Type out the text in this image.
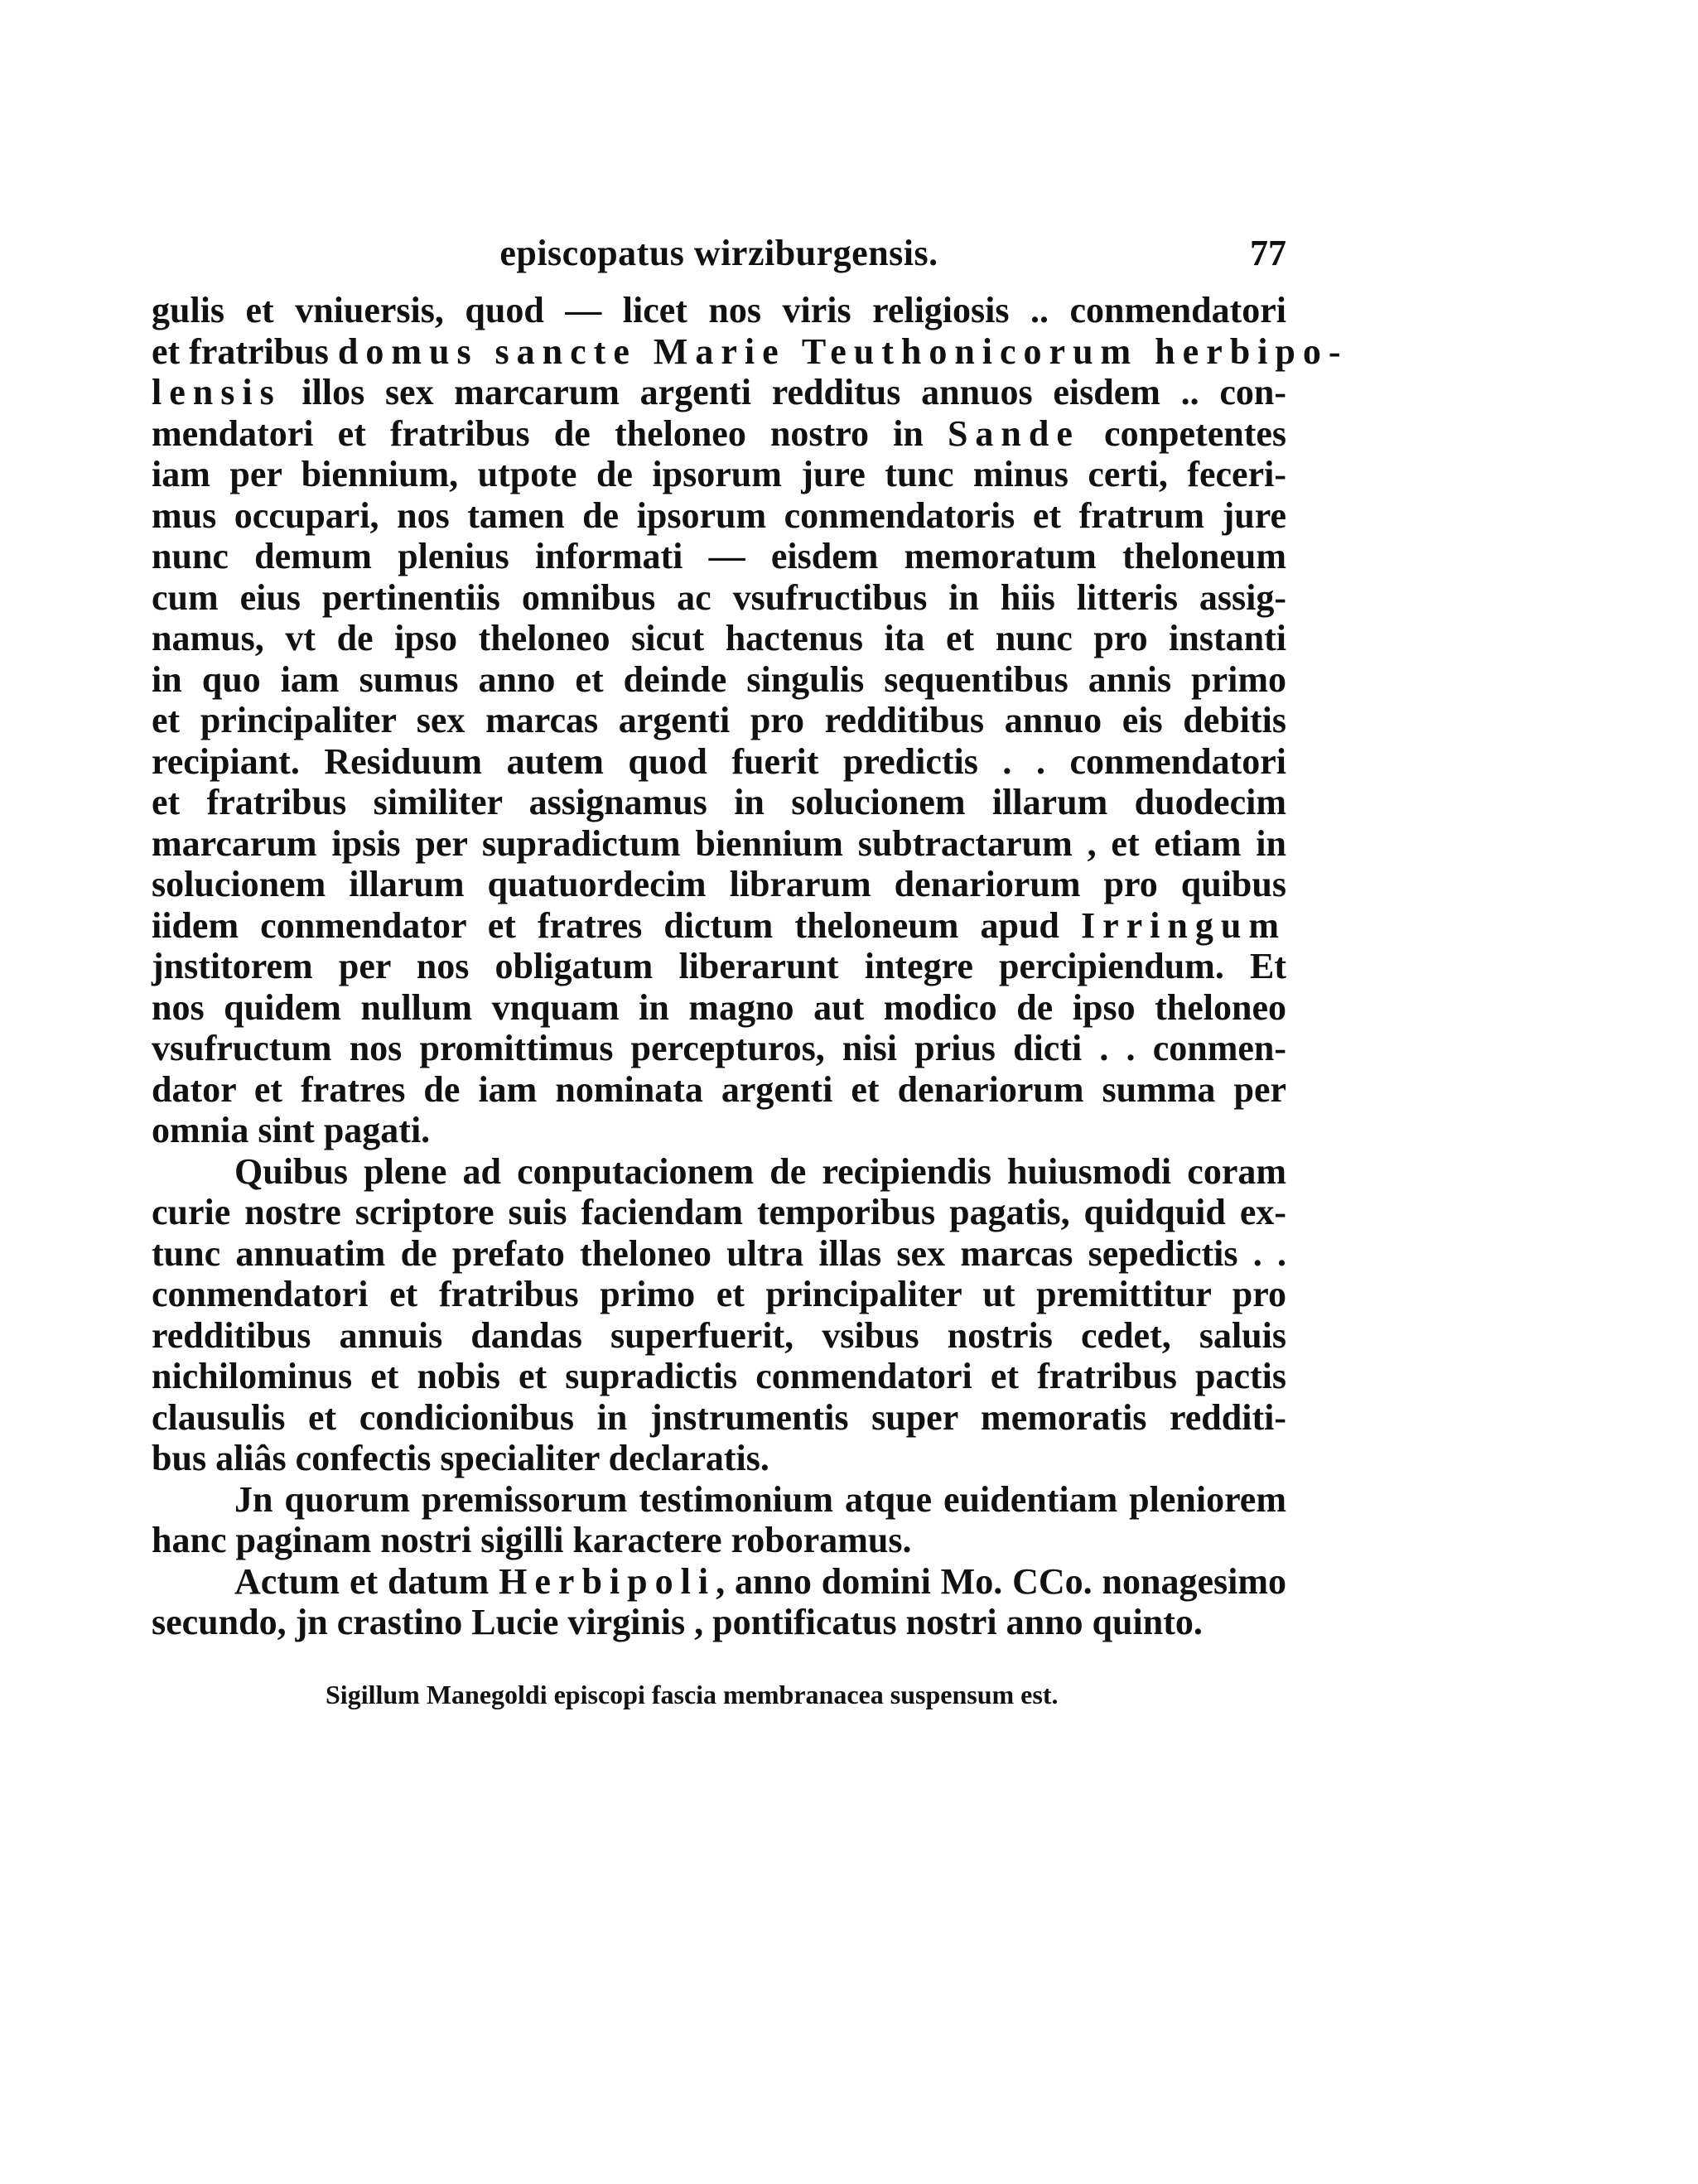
episcopatus wirziburgensis.	77
gulis et vniuersis, quod — licet nos viris religiosis .. conmendatori
et fratribus domus sancte Marie Teuthonicorum herbipo-
lensis illos sex marcarum argenti redditus annuos eisdem .. con-
mendatori et fratribus de theloneo nostro in Sande conpetentes
iam per biennium, utpote de ipsorum jure tunc minus certi, feceri-
mus occupari, nos tamen de ipsorum conmendatoris et fratrum jure
nunc demum plenius informati — eisdem memoratum theloneum
cum eius pertinentiis omnibus ac vsufructibus in hiis litteris assig-
namus, vt de ipso theloneo sicut hactenus ita et nunc pro instanti
in quo iam sumus anno et deinde singulis sequentibus annis primo
et principaliter sex marcas argenti pro redditibus annuo eis debitis
recipiant. Residuum autem quod fuerit predictis . . conmendatori
et fratribus similiter assignamus in solucionem illarum duodecim
marcarum ipsis per supradictum biennium subtractarum , et etiam in
solucionem illarum quatuordecim librarum denariorum pro quibus
iidem conmendator et fratres dictum theloneum apud Irringum
jnstitorem per nos obligatum liberarunt integre percipiendum. Et
nos quidem nullum vnquam in magno aut modico de ipso theloneo
vsufructum nos promittimus percepturos, nisi prius dicti . . conmen-
dator et fratres de iam nominata argenti et denariorum summa per
omnia sint pagati.
Quibus plene ad conputacionem de recipiendis huiusmodi coram
curie nostre scriptore suis faciendam temporibus pagatis, quidquid ex-
tunc annuatim de prefato theloneo ultra illas sex marcas sepedictis . .
conmendatori et fratribus primo et principaliter ut premittitur pro
redditibus annuis dandas superfuerit, vsibus nostris cedet, saluis
nichilominus et nobis et supradictis conmendatori et fratribus pactis
clausulis et condicionibus in jnstrumentis super memoratis redditi-
bus aliâs confectis specialiter declaratis.
Jn quorum premissorum testimonium atque euidentiam pleniorem
hanc paginam nostri sigilli karactere roboramus.
Actum et datum Herbipoli, anno domini Mo. CCo. nonagesimo
secundo, jn crastino Lucie virginis , pontificatus nostri anno quinto.
Sigillum Manegoldi episcopi fascia membranacea suspensum est.
